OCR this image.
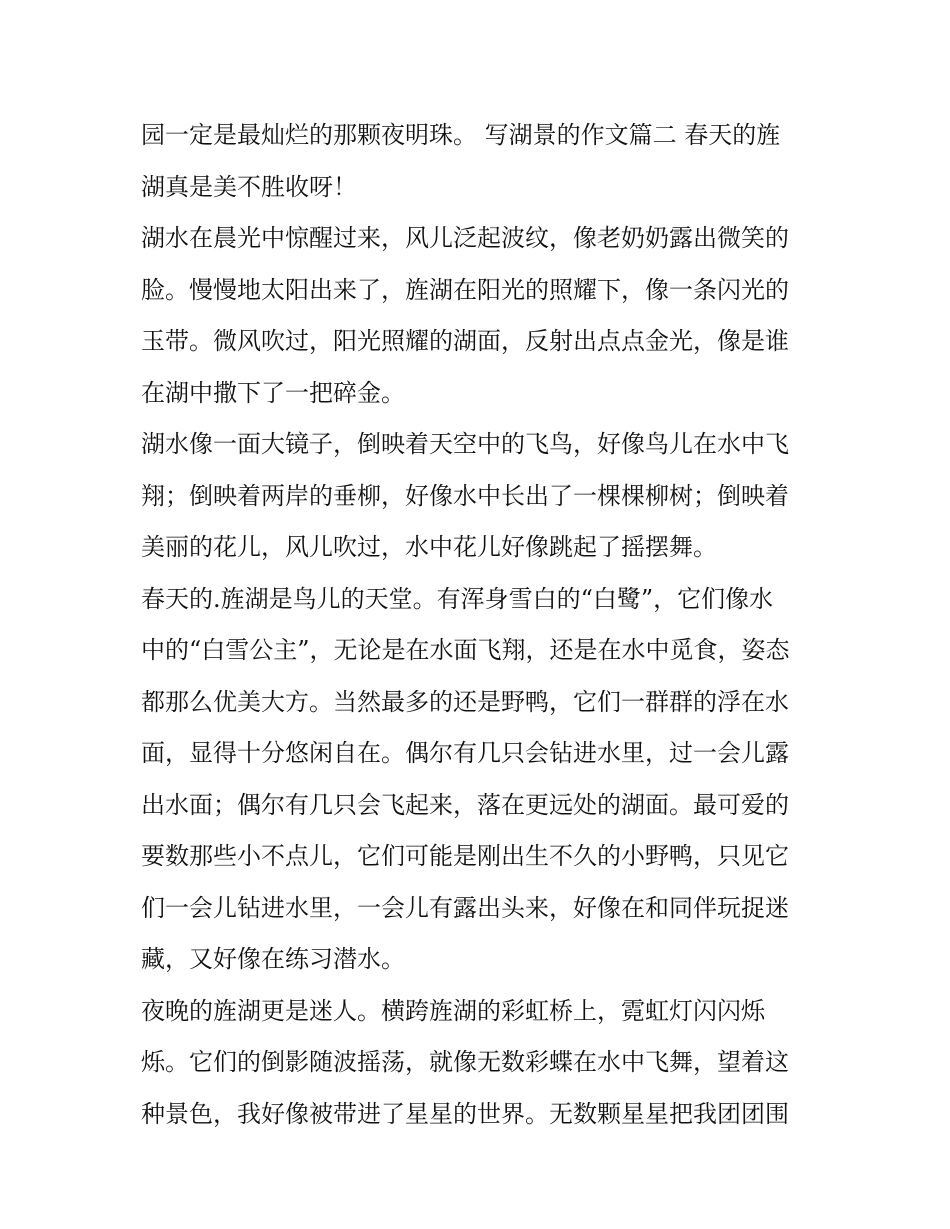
园一定是最灿烂的那颗夜明珠。 写湖景的作文篇二 春天的旌
湖真是美不胜收呀！
湖水在晨光中惊醒过来，风儿泛起波纹，像老奶奶露出微笑的
脸。慢慢地太阳出来了，旌湖在阳光的照耀下，像一条闪光的
玉带。微风吹过，阳光照耀的湖面，反射出点点金光，像是谁
在湖中撒下了一把碎金。
湖水像一面大镜子，倒映着天空中的飞鸟，好像鸟儿在水中飞
翔；倒映着两岸的垂柳，好像水中长出了一棵棵柳树；倒映着
美丽的花儿，风儿吹过，水中花儿好像跳起了摇摆舞。
春天的.旌湖是鸟儿的天堂。有浑身雪白的“白鹭”，它们像水
中的“白雪公主”，无论是在水面飞翔，还是在水中觅食，姿态
都那么优美大方。当然最多的还是野鸭，它们一群群的浮在水
面，显得十分悠闲自在。偶尔有几只会钻进水里，过一会儿露
出水面；偶尔有几只会飞起来，落在更远处的湖面。最可爱的
要数那些小不点儿，它们可能是刚出生不久的小野鸭，只见它
们一会儿钻进水里，一会儿有露出头来，好像在和同伴玩捉迷
藏，又好像在练习潜水。
夜晚的旌湖更是迷人。横跨旌湖的彩虹桥上，霓虹灯闪闪烁
烁。它们的倒影随波摇荡，就像无数彩蝶在水中飞舞，望着这
种景色，我好像被带进了星星的世界。无数颗星星把我团团围
